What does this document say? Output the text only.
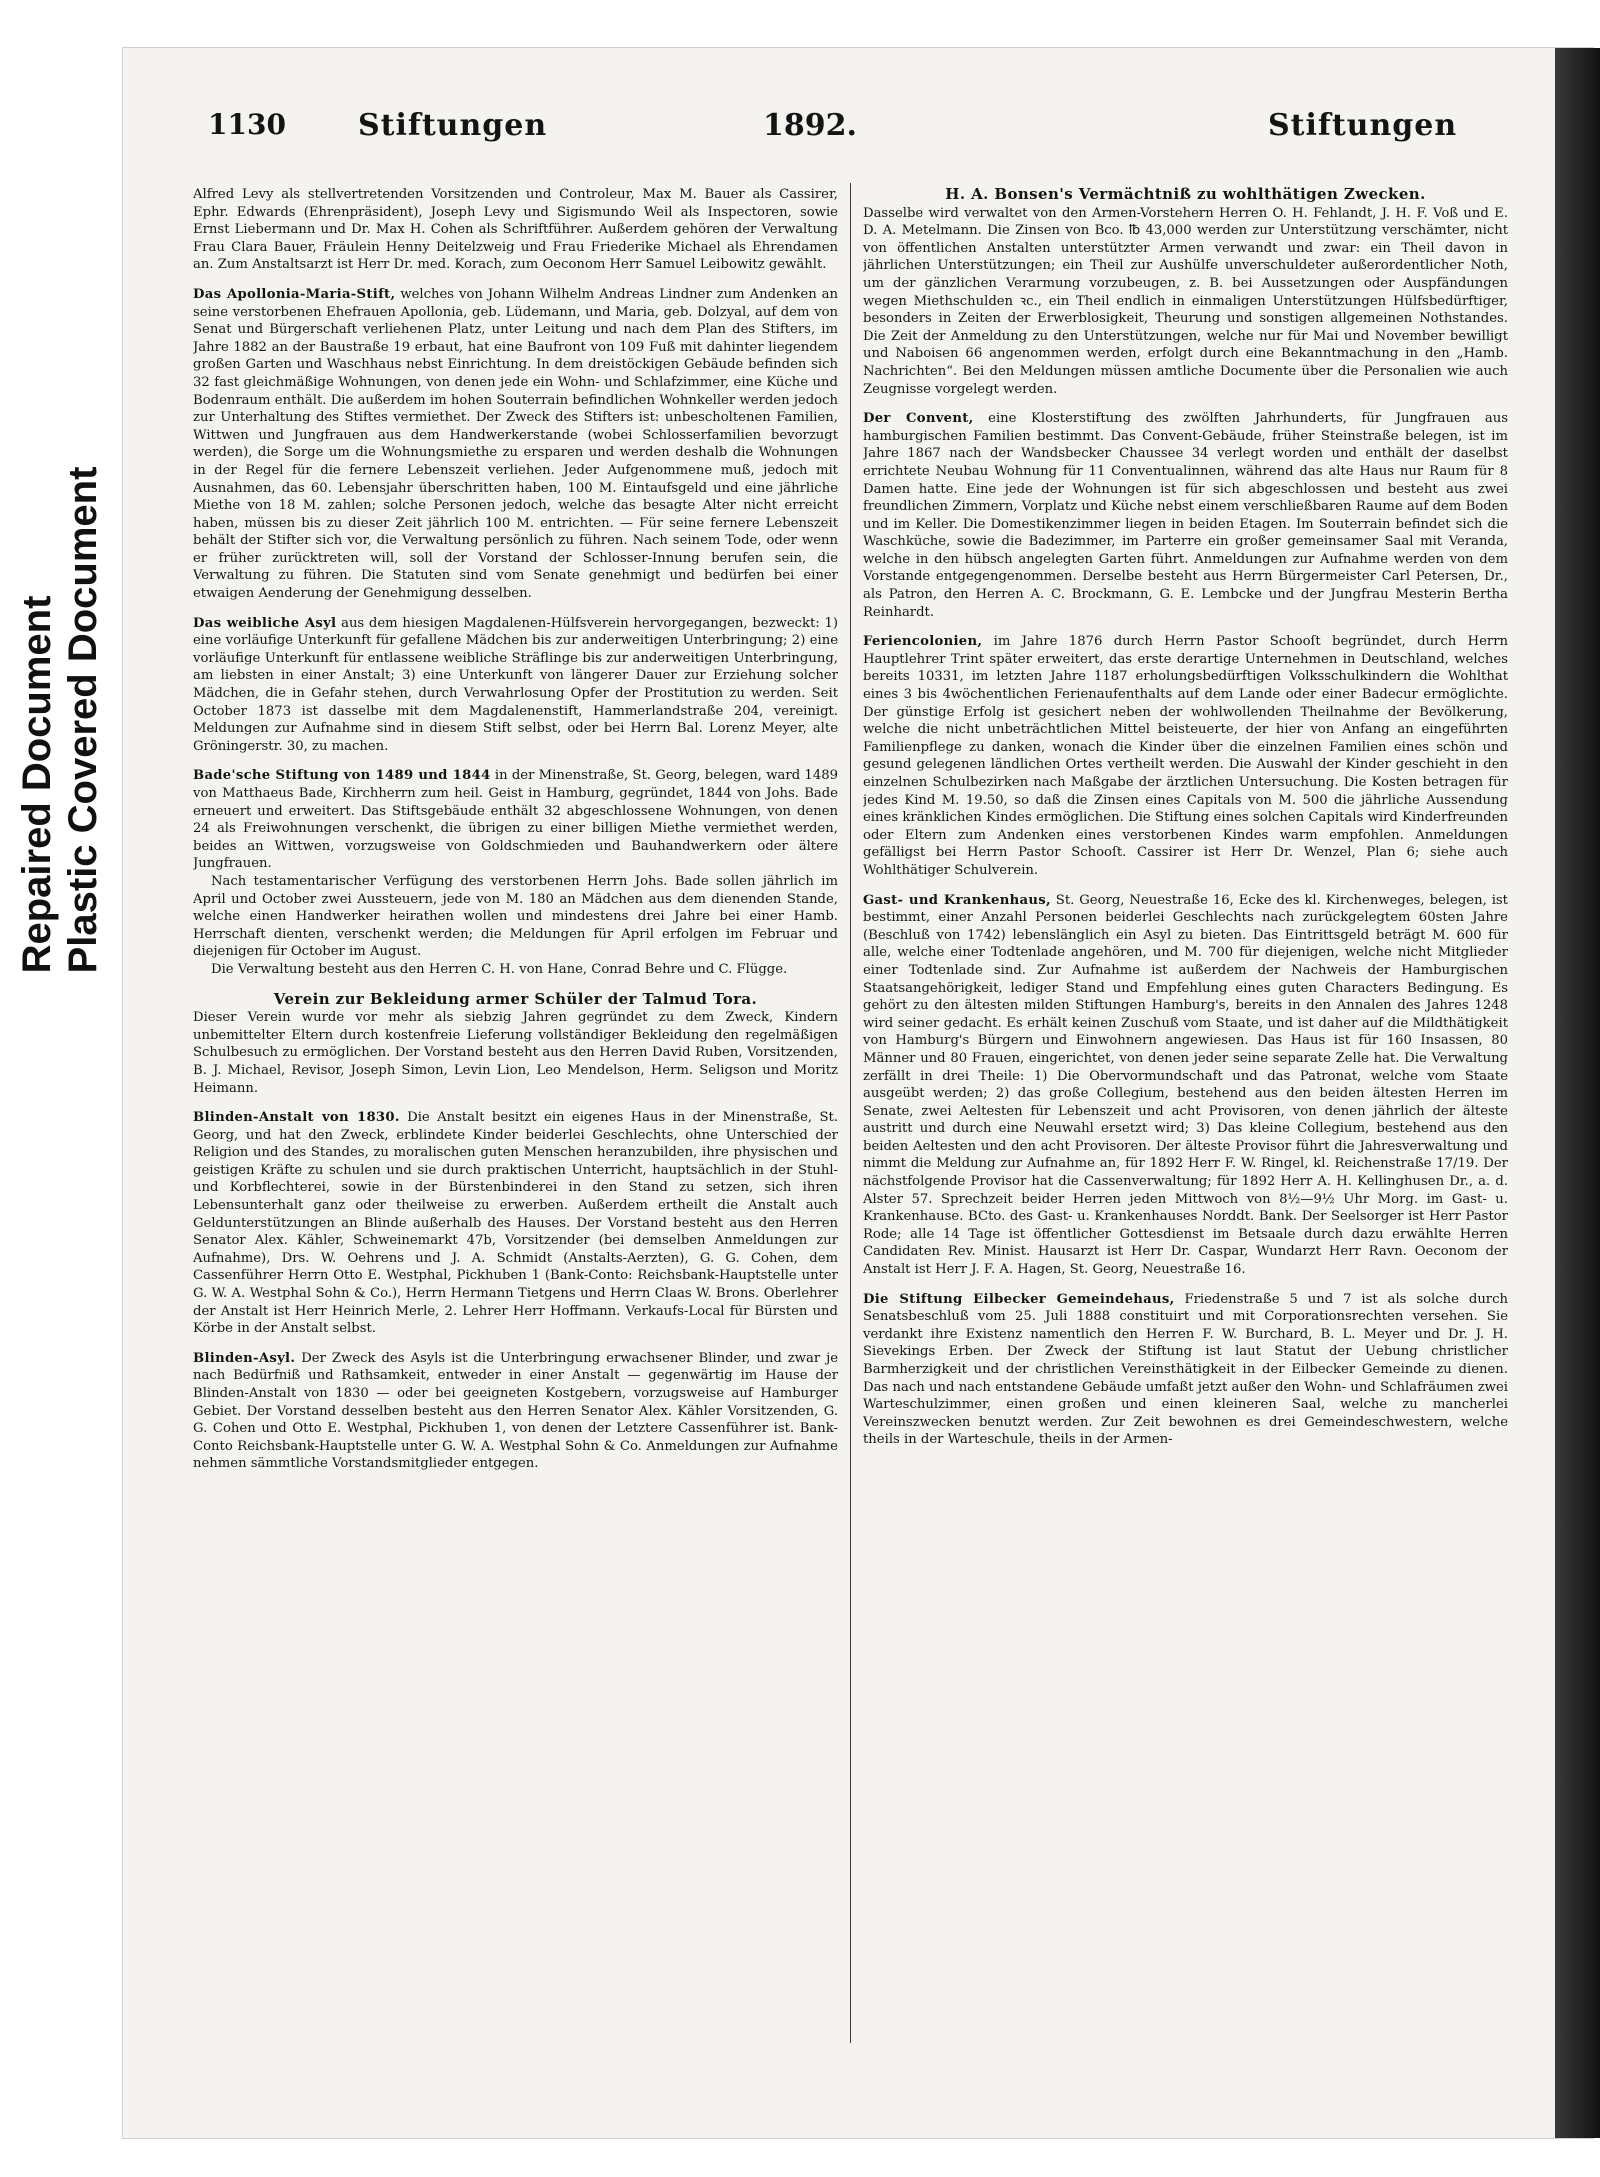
Repaired Document Plastic Covered Document
1130 Stiftungen	1892.	Stiftungen

Alfred Levy als stellvertretenden Vorsitzenden und Controleur, Max M. Bauer als Cassirer, Ephr. Edwards (Ehrenpräsident), Joseph Levy und Sigismundo Weil als Inspectoren, sowie Ernst Liebermann und Dr. Max H. Cohen als Schriftführer. Außerdem gehören der Verwaltung Frau Clara Bauer, Fräulein Henny Deitelzweig und Frau Friederike Michael als Ehrendamen an. Zum Anstaltsarzt ist Herr Dr. med. Korach, zum Oeconom Herr Samuel Leibowitz gewählt.

Das Apollonia-Maria-Stift, welches von Johann Wilhelm Andreas Lindner zum Andenken an seine verstorbenen Ehefrauen Apollonia, geb. Lüdemann, und Maria, geb. Dolzyal, auf dem von Senat und Bürgerschaft verliehenen Platz, unter Leitung und nach dem Plan des Stifters, im Jahre 1882 an der Baustraße 19 erbaut, hat eine Baufront von 109 Fuß mit dahinter liegendem großen Garten und Waschhaus nebst Einrichtung. In dem dreistöckigen Gebäude befinden sich 32 fast gleichmäßige Wohnungen, von denen jede ein Wohn- und Schlafzimmer, eine Küche und Bodenraum enthält. Die außerdem im hohen Souterrain befindlichen Wohnkeller werden jedoch zur Unterhaltung des Stiftes vermiethet. Der Zweck des Stifters ist: unbescholtenen Familien, Wittwen und Jungfrauen aus dem Handwerkerstande (wobei Schlosserfamilien bevorzugt werden), die Sorge um die Wohnungsmiethe zu ersparen und werden deshalb die Wohnungen in der Regel für die fernere Lebenszeit verliehen. Jeder Aufgenommene muß, jedoch mit Ausnahmen, das 60. Lebensjahr überschritten haben, 100 M. Eintaufsgeld und eine jährliche Miethe von 18 M. zahlen; solche Personen jedoch, welche das besagte Alter nicht erreicht haben, müssen bis zu dieser Zeit jährlich 100 M. entrichten. — Für seine fernere Lebenszeit behält der Stifter sich vor, die Verwaltung persönlich zu führen. Nach seinem Tode, oder wenn er früher zurücktreten will, soll der Vorstand der Schlosser-Innung berufen sein, die Verwaltung zu führen. Die Statuten sind vom Senate genehmigt und bedürfen bei einer etwaigen Aenderung der Genehmigung desselben.

Das weibliche Asyl aus dem hiesigen Magdalenen-Hülfsverein hervorgegangen, bezweckt: 1) eine vorläufige Unterkunft für gefallene Mädchen bis zur anderweitigen Unterbringung; 2) eine vorläufige Unterkunft für entlassene weibliche Sträflinge bis zur anderweitigen Unterbringung, am liebsten in einer Anstalt; 3) eine Unterkunft von längerer Dauer zur Erziehung solcher Mädchen, die in Gefahr stehen, durch Verwahrlosung Opfer der Prostitution zu werden. Seit October 1873 ist dasselbe mit dem Magdalenenstift, Hammerlandstraße 204, vereinigt. Meldungen zur Aufnahme sind in diesem Stift selbst, oder bei Herrn Bal. Lorenz Meyer, alte Gröningerstr. 30, zu machen.

Bade'sche Stiftung von 1489 und 1844 in der Minenstraße, St. Georg, belegen, ward 1489 von Matthaeus Bade, Kirchherrn zum heil. Geist in Hamburg, gegründet, 1844 von Johs. Bade erneuert und erweitert. Das Stiftsgebäude enthält 32 abgeschlossene Wohnungen, von denen 24 als Freiwohnungen verschenkt, die übrigen zu einer billigen Miethe vermiethet werden, beides an Wittwen, vorzugsweise von Goldschmieden und Bauhandwerkern oder ältere Jungfrauen.

Nach testamentarischer Verfügung des verstorbenen Herrn Johs. Bade sollen jährlich im April und October zwei Aussteuern, jede von M. 180 an Mädchen aus dem dienenden Stande, welche einen Handwerker heirathen wollen und mindestens drei Jahre bei einer Hamb. Herrschaft dienten, verschenkt werden; die Meldungen für April erfolgen im Februar und diejenigen für October im August.

Die Verwaltung besteht aus den Herren C. H. von Hane, Conrad Behre und C. Flügge.

Verein zur Bekleidung armer Schüler der Talmud Tora.

Dieser Verein wurde vor mehr als siebzig Jahren gegründet zu dem Zweck, Kindern unbemittelter Eltern durch kostenfreie Lieferung vollständiger Bekleidung den regelmäßigen Schulbesuch zu ermöglichen. Der Vorstand besteht aus den Herren David Ruben, Vorsitzenden, B. J. Michael, Revisor, Joseph Simon, Levin Lion, Leo Mendelson, Herm. Seligson und Moritz Heimann.

Blinden-Anstalt von 1830. Die Anstalt besitzt ein eigenes Haus in der Minenstraße, St. Georg, und hat den Zweck, erblindete Kinder beiderlei Geschlechts, ohne Unterschied der Religion und des Standes, zu moralischen guten Menschen heranzubilden, ihre physischen und geistigen Kräfte zu schulen und sie durch praktischen Unterricht, hauptsächlich in der Stuhl- und Korbflechterei, sowie in der Bürstenbinderei in den Stand zu setzen, sich ihren Lebensunterhalt ganz oder theilweise zu erwerben. Außerdem ertheilt die Anstalt auch Geldunterstützungen an Blinde außerhalb des Hauses. Der Vorstand besteht aus den Herren Senator Alex. Kähler, Schweinemarkt 47b, Vorsitzender (bei demselben Anmeldungen zur Aufnahme), Drs. W. Oehrens und J. A. Schmidt (Anstalts-Aerzten), G. G. Cohen, dem Cassenführer Herrn Otto E. Westphal, Pickhuben 1 (Bank-Conto: Reichsbank-Hauptstelle unter G. W. A. Westphal Sohn & Co.), Herrn Hermann Tietgens und Herrn Claas W. Brons. Oberlehrer der Anstalt ist Herr Heinrich Merle, 2. Lehrer Herr Hoffmann. Verkaufs-Local für Bürsten und Körbe in der Anstalt selbst.

Blinden-Asyl. Der Zweck des Asyls ist die Unterbringung erwachsener Blinder, und zwar je nach Bedürfniß und Rathsamkeit, entweder in einer Anstalt — gegenwärtig im Hause der Blinden-Anstalt von 1830 — oder bei geeigneten Kostgebern, vorzugsweise auf Hamburger Gebiet. Der Vorstand desselben besteht aus den Herren Senator Alex. Kähler Vorsitzenden, G. G. Cohen und Otto E. Westphal, Pickhuben 1, von denen der Letztere Cassenführer ist. Bank-Conto Reichsbank-Hauptstelle unter G. W. A. Westphal Sohn & Co. Anmeldungen zur Aufnahme nehmen sämmtliche Vorstandsmitglieder entgegen.

H. A. Bonsen's Vermächtniß zu wohlthätigen Zwecken.

Dasselbe wird verwaltet von den Armen-Vorstehern Herren O. H. Fehlandt, J. H. F. Voß und E. D. A. Metelmann. Die Zinsen von Bco. ℔ 43,000 werden zur Unterstützung verschämter, nicht von öffentlichen Anstalten unterstützter Armen verwandt und zwar: ein Theil davon in jährlichen Unterstützungen; ein Theil zur Aushülfe unverschuldeter außerordentlicher Noth, um der gänzlichen Verarmung vorzubeugen, z. B. bei Aussetzungen oder Auspfändungen wegen Miethschulden ꝛc., ein Theil endlich in einmaligen Unterstützungen Hülfsbedürftiger, besonders in Zeiten der Erwerblosigkeit, Theurung und sonstigen allgemeinen Nothstandes. Die Zeit der Anmeldung zu den Unterstützungen, welche nur für Mai und November bewilligt und Naboisen 66 angenommen werden, erfolgt durch eine Bekanntmachung in den „Hamb. Nachrichten“. Bei den Meldungen müssen amtliche Documente über die Personalien wie auch Zeugnisse vorgelegt werden.

Der Convent, eine Klosterstiftung des zwölften Jahrhunderts, für Jungfrauen aus hamburgischen Familien bestimmt. Das Convent-Gebäude, früher Steinstraße belegen, ist im Jahre 1867 nach der Wandsbecker Chaussee 34 verlegt worden und enthält der daselbst errichtete Neubau Wohnung für 11 Conventualinnen, während das alte Haus nur Raum für 8 Damen hatte. Eine jede der Wohnungen ist für sich abgeschlossen und besteht aus zwei freundlichen Zimmern, Vorplatz und Küche nebst einem verschließbaren Raume auf dem Boden und im Keller. Die Domestikenzimmer liegen in beiden Etagen. Im Souterrain befindet sich die Waschküche, sowie die Badezimmer, im Parterre ein großer gemeinsamer Saal mit Veranda, welche in den hübsch angelegten Garten führt. Anmeldungen zur Aufnahme werden von dem Vorstande entgegengenommen. Derselbe besteht aus Herrn Bürgermeister Carl Petersen, Dr., als Patron, den Herren A. C. Brockmann, G. E. Lembcke und der Jungfrau Mesterin Bertha Reinhardt.

Feriencolonien, im Jahre 1876 durch Herrn Pastor Schooſt begründet, durch Herrn Hauptlehrer Trint später erweitert, das erste derartige Unternehmen in Deutschland, welches bereits 10331, im letzten Jahre 1187 erholungsbedürftigen Volksschulkindern die Wohlthat eines 3 bis 4wöchentlichen Ferienaufenthalts auf dem Lande oder einer Badecur ermöglichte. Der günstige Erfolg ist gesichert neben der wohlwollenden Theilnahme der Bevölkerung, welche die nicht unbeträchtlichen Mittel beisteuerte, der hier von Anfang an eingeführten Familienpflege zu danken, wonach die Kinder über die einzelnen Familien eines schön und gesund gelegenen ländlichen Ortes vertheilt werden. Die Auswahl der Kinder geschieht in den einzelnen Schulbezirken nach Maßgabe der ärztlichen Untersuchung. Die Kosten betragen für jedes Kind M. 19.50, so daß die Zinsen eines Capitals von M. 500 die jährliche Aussendung eines kränklichen Kindes ermöglichen. Die Stiftung eines solchen Capitals wird Kinderfreunden oder Eltern zum Andenken eines verstorbenen Kindes warm empfohlen. Anmeldungen gefälligst bei Herrn Pastor Schooſt. Cassirer ist Herr Dr. Wenzel, Plan 6; siehe auch Wohlthätiger Schulverein.

Gast- und Krankenhaus, St. Georg, Neuestraße 16, Ecke des kl. Kirchenweges, belegen, ist bestimmt, einer Anzahl Personen beiderlei Geschlechts nach zurückgelegtem 60sten Jahre (Beschluß von 1742) lebenslänglich ein Asyl zu bieten. Das Eintrittsgeld beträgt M. 600 für alle, welche einer Todtenlade angehören, und M. 700 für diejenigen, welche nicht Mitglieder einer Todtenlade sind. Zur Aufnahme ist außerdem der Nachweis der Hamburgischen Staatsangehörigkeit, lediger Stand und Empfehlung eines guten Characters Bedingung. Es gehört zu den ältesten milden Stiftungen Hamburg's, bereits in den Annalen des Jahres 1248 wird seiner gedacht. Es erhält keinen Zuschuß vom Staate, und ist daher auf die Mildthätigkeit von Hamburg's Bürgern und Einwohnern angewiesen. Das Haus ist für 160 Insassen, 80 Männer und 80 Frauen, eingerichtet, von denen jeder seine separate Zelle hat. Die Verwaltung zerfällt in drei Theile: 1) Die Obervormundschaft und das Patronat, welche vom Staate ausgeübt werden; 2) das große Collegium, bestehend aus den beiden ältesten Herren im Senate, zwei Aeltesten für Lebenszeit und acht Provisoren, von denen jährlich der älteste austritt und durch eine Neuwahl ersetzt wird; 3) Das kleine Collegium, bestehend aus den beiden Aeltesten und den acht Provisoren. Der älteste Provisor führt die Jahresverwaltung und nimmt die Meldung zur Aufnahme an, für 1892 Herr F. W. Ringel, kl. Reichenstraße 17/19. Der nächstfolgende Provisor hat die Cassenverwaltung; für 1892 Herr A. H. Kellinghusen Dr., a. d. Alster 57. Sprechzeit beider Herren jeden Mittwoch von 8½—9½ Uhr Morg. im Gast- u. Krankenhause. BCto. des Gast- u. Krankenhauses Norddt. Bank. Der Seelsorger ist Herr Pastor Rode; alle 14 Tage ist öffentlicher Gottesdienst im Betsaale durch dazu erwählte Herren Candidaten Rev. Minist. Hausarzt ist Herr Dr. Caspar, Wundarzt Herr Ravn. Oeconom der Anstalt ist Herr J. F. A. Hagen, St. Georg, Neuestraße 16.

Die Stiftung Eilbecker Gemeindehaus, Friedenstraße 5 und 7 ist als solche durch Senatsbeschluß vom 25. Juli 1888 constituirt und mit Corporationsrechten versehen. Sie verdankt ihre Existenz namentlich den Herren F. W. Burchard, B. L. Meyer und Dr. J. H. Sievekings Erben. Der Zweck der Stiftung ist laut Statut der Uebung christlicher Barmherzigkeit und der christlichen Vereinsthätigkeit in der Eilbecker Gemeinde zu dienen. Das nach und nach entstandene Gebäude umfaßt jetzt außer den Wohn- und Schlafräumen zwei Warteschulzimmer, einen großen und einen kleineren Saal, welche zu mancherlei Vereinszwecken benutzt werden. Zur Zeit bewohnen es drei Gemeindeschwestern, welche theils in der Warteschule, theils in der Armen-
